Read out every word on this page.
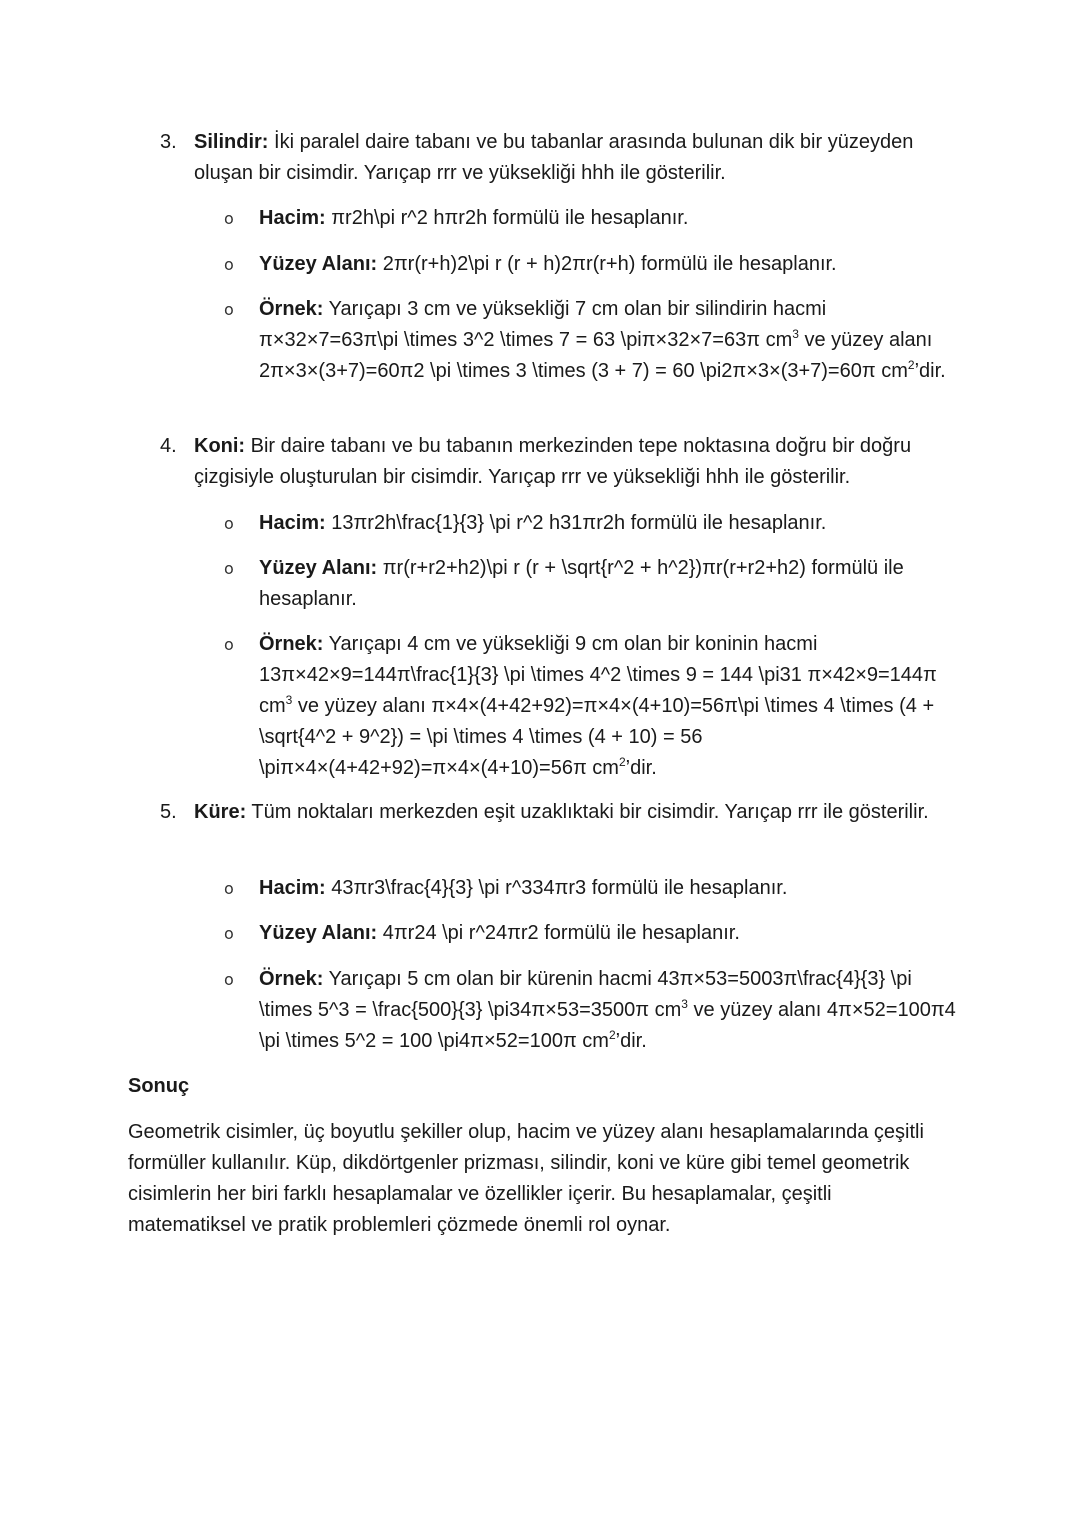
3. Silindir: İki paralel daire tabanı ve bu tabanlar arasında bulunan dik bir yüzeyden oluşan bir cisimdir. Yarıçap rrr ve yüksekliği hhh ile gösterilir.

o Hacim: πr2h\pi r^2 hπr2h formülü ile hesaplanır.

o Yüzey Alanı: 2πr(r+h)2\pi r (r + h)2πr(r+h) formülü ile hesaplanır.

o Örnek: Yarıçapı 3 cm ve yüksekliği 7 cm olan bir silindirin hacmi π×32×7=63π\pi \times 3^2 \times 7 = 63 \piπ×32×7=63π $cm^3$ ve yüzey alanı 2π×3×(3+7)=60π2 \pi \times 3 \times (3 + 7) = 60 \pi2π×3×(3+7)=60π $cm^2’dir$.

4. Koni: Bir daire tabanı ve bu tabanın merkezinden tepe noktasına doğru bir doğru çizgisiyle oluşturulan bir cisimdir. Yarıçap rrr ve yüksekliği hhh ile gösterilir.

o Hacim: 13πr2h\frac{1}{3} \pi r^2 h31πr2h formülü ile hesaplanır.

o Yüzey Alanı: πr(r+r2+h2)\pi r (r + \sqrt{r^2 + h^2})πr(r+r2+h2) formülü ile hesaplanır.

o Örnek: Yarıçapı 4 cm ve yüksekliği 9 cm olan bir koninin hacmi 13π×42×9=144π\frac{1}{3} \pi \times 4^2 \times 9 = 144 \pi31 π×42×9=144π $cm^3$ ve yüzey alanı π×4×(4+42+92)=π×4×(4+10)=56π\pi \times 4 \times (4 + \sqrt{4^2 + 9^2}) = \pi \times 4 \times (4 + 10) = 56 \piπ×4×(4+42+92)=π×4×(4+10)=56π $cm^2’dir$.

5. Küre: Tüm noktaları merkezden eşit uzaklıktaki bir cisimdir. Yarıçap rrr ile gösterilir.

o Hacim: 43πr3\frac{4}{3} \pi r^334πr3 formülü ile hesaplanır.

o Yüzey Alanı: 4πr24 \pi r^24πr2 formülü ile hesaplanır.

o Örnek: Yarıçapı 5 cm olan bir kürenin hacmi 43π×53=5003π\frac{4}{3} \pi \times 5^3 = \frac{500}{3} \pi34π×53=3500π $cm^3$ ve yüzey alanı 4π×52=100π4 \pi \times 5^2 = 100 \pi4π×52=100π $cm^2’dir$.

Sonuç

Geometrik cisimler, üç boyutlu şekiller olup, hacim ve yüzey alanı hesaplamalarında çeşitli formüller kullanılır. Küp, dikdörtgenler prizması, silindir, koni ve küre gibi temel geometrik cisimlerin her biri farklı hesaplamalar ve özellikler içerir. Bu hesaplamalar, çeşitli matematiksel ve pratik problemleri çözmede önemli rol oynar.
